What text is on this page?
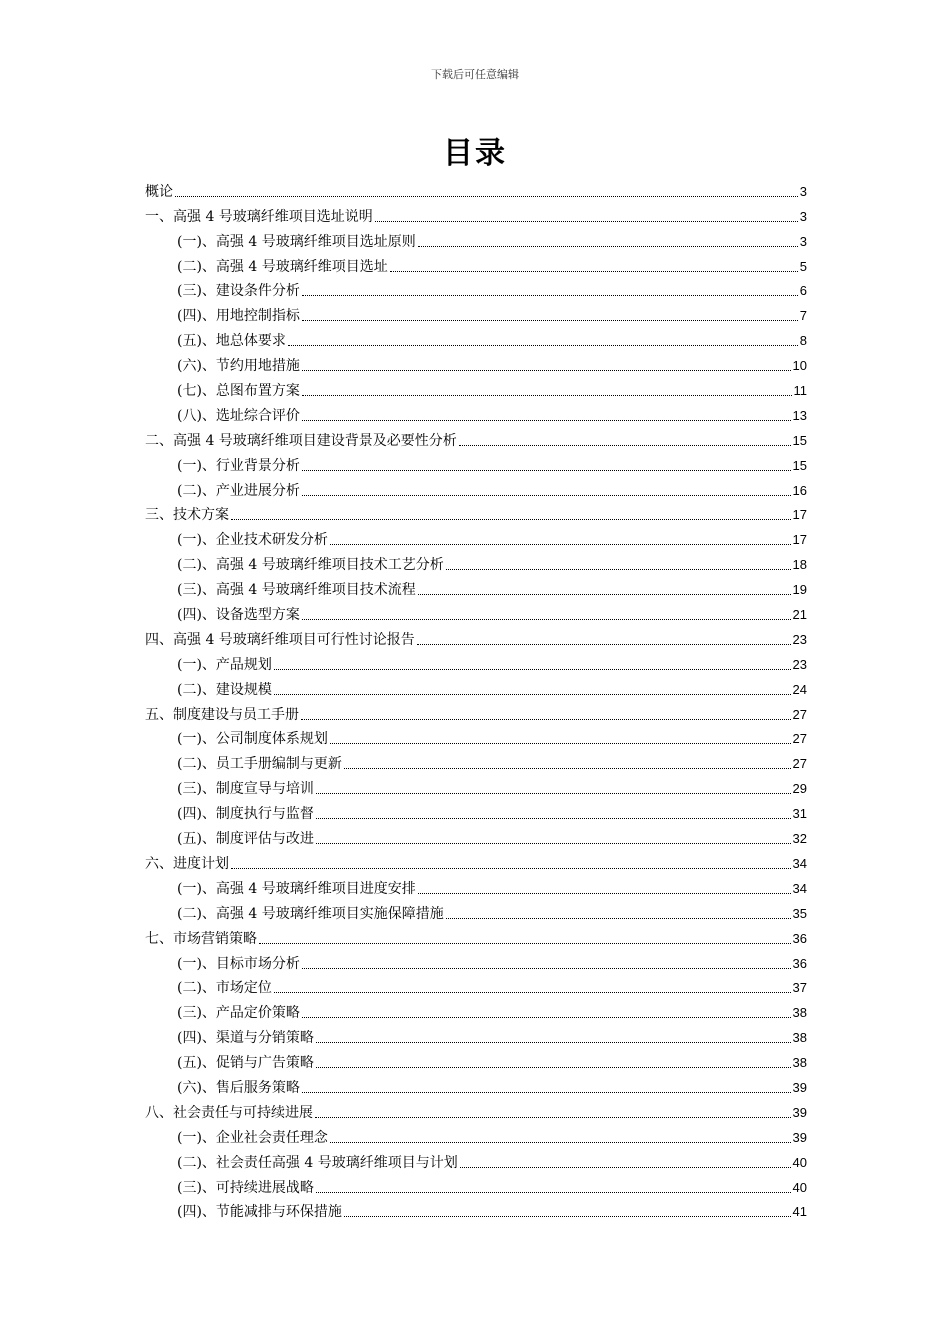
下载后可任意编辑
目录
概论	3
一、高强 4 号玻璃纤维项目选址说明	3
(一)、高强 4 号玻璃纤维项目选址原则	3
(二)、高强 4 号玻璃纤维项目选址	5
(三)、建设条件分析	6
(四)、用地控制指标	7
(五)、地总体要求	8
(六)、节约用地措施	10
(七)、总图布置方案	11
(八)、选址综合评价	13
二、高强 4 号玻璃纤维项目建设背景及必要性分析	15
(一)、行业背景分析	15
(二)、产业进展分析	16
三、技术方案	17
(一)、企业技术研发分析	17
(二)、高强 4 号玻璃纤维项目技术工艺分析	18
(三)、高强 4 号玻璃纤维项目技术流程	19
(四)、设备选型方案	21
四、高强 4 号玻璃纤维项目可行性讨论报告	23
(一)、产品规划	23
(二)、建设规模	24
五、制度建设与员工手册	27
(一)、公司制度体系规划	27
(二)、员工手册编制与更新	27
(三)、制度宣导与培训	29
(四)、制度执行与监督	31
(五)、制度评估与改进	32
六、进度计划	34
(一)、高强 4 号玻璃纤维项目进度安排	34
(二)、高强 4 号玻璃纤维项目实施保障措施	35
七、市场营销策略	36
(一)、目标市场分析	36
(二)、市场定位	37
(三)、产品定价策略	38
(四)、渠道与分销策略	38
(五)、促销与广告策略	38
(六)、售后服务策略	39
八、社会责任与可持续进展	39
(一)、企业社会责任理念	39
(二)、社会责任高强 4 号玻璃纤维项目与计划	40
(三)、可持续进展战略	40
(四)、节能减排与环保措施	41
